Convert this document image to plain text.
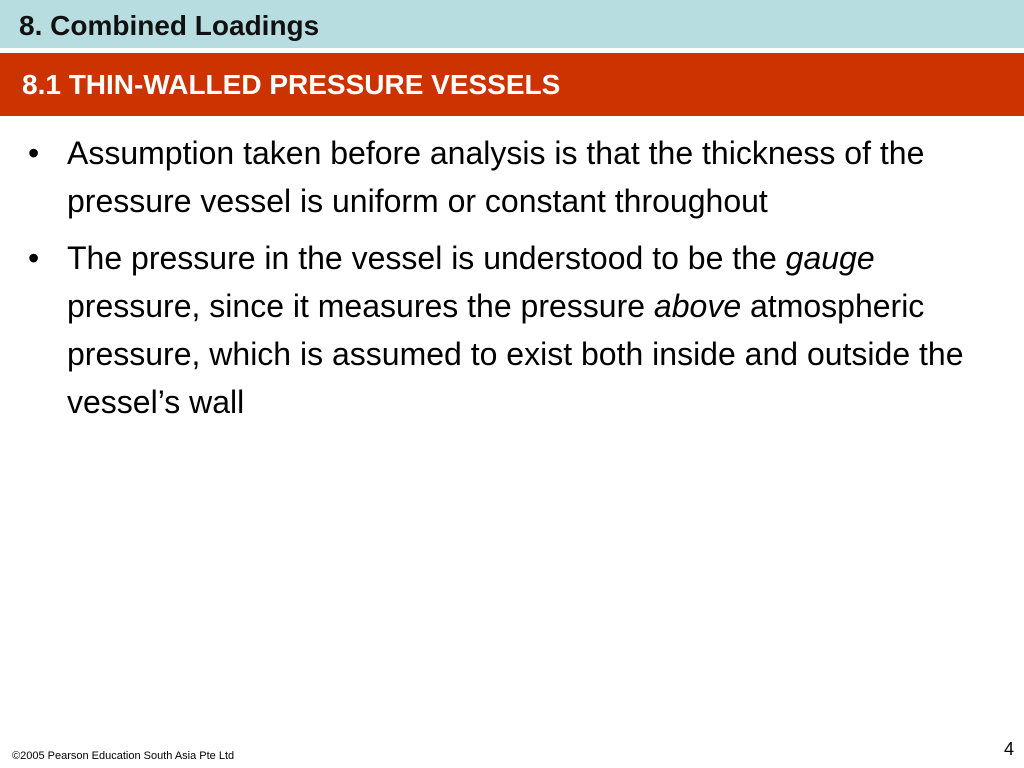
8. Combined Loadings
8.1 THIN-WALLED PRESSURE VESSELS
• Assumption taken before analysis is that the thickness of the pressure vessel is uniform or constant throughout
• The pressure in the vessel is understood to be the gauge pressure, since it measures the pressure above atmospheric pressure, which is assumed to exist both inside and outside the vessel’s wall
©2005 Pearson Education South Asia Pte Ltd	4
